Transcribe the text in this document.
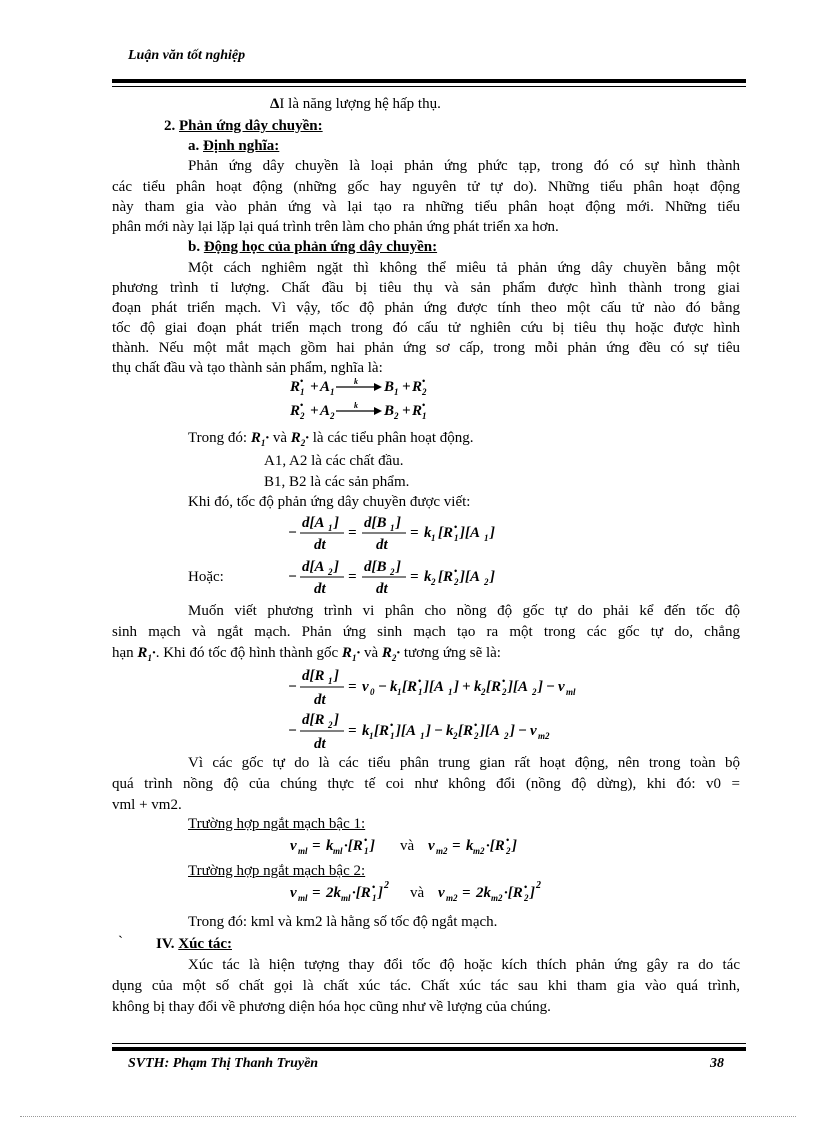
Luận văn tốt nghiệp
ΔI là năng lượng hệ hấp thụ.
2. Phản ứng dây chuyền:
a. Định nghĩa:
Phản ứng dây chuyền là loại phản ứng phức tạp, trong đó có sự hình thành
các tiểu phân hoạt động (những gốc hay nguyên tử tự do). Những tiểu phân hoạt động
này tham gia vào phản ứng và lại tạo ra những tiểu phân hoạt động mới. Những tiểu
phân mới này lại lặp lại quá trình trên làm cho phản ứng phát triển xa hơn.
b. Động học của phản ứng dây chuyền:
Một cách nghiêm ngặt thì không thể miêu tả phản ứng dây chuyền bằng một
phương trình tỉ lượng. Chất đầu bị tiêu thụ và sản phẩm được hình thành trong giai
đoạn phát triển mạch. Vì vậy, tốc độ phản ứng được tính theo một cấu tử nào đó bằng
tốc độ giai đoạn phát triển mạch trong đó cấu tử nghiên cứu bị tiêu thụ hoặc được hình
thành. Nếu một mắt mạch gồm hai phản ứng sơ cấp, trong mỗi phản ứng đều có sự tiêu
thụ chất đầu và tạo thành sản phẩm, nghĩa là:
R 1
• + A 1
k B 1 + R 2
•
R 2
• + A 2
k B 2 + R 1
•
Trong đó: $R_1\cdot$ và $R_2\cdot$ là các tiểu phân hoạt động.
A1, A2 là các chất đầu.
B1, B2 là các sản phẩm.
Khi đó, tốc độ phản ứng dây chuyền được viết:
−
d[A 1 ]
dt
=
d[B 1 ]
dt
= k 1 [R 1
• ][A 1 ]
Hoặc:	−
d[A 2 ]
dt
=
d[B 2 ]
dt
= k 2 [R 2
• ][A 2 ]
Muốn viết phương trình vi phân cho nồng độ gốc tự do phải kể đến tốc độ
sinh mạch và ngắt mạch. Phản ứng sinh mạch tạo ra một trong các gốc tự do, chẳng
hạn $R_1\cdot$. Khi đó tốc độ hình thành gốc $R_1\cdot$ và $R_2\cdot$ tương ứng sẽ là:
−
d[R 1 ]
dt
= v 0 − k 1 [R 1
• ][A 1 ] + k 2 [R 2
• ][A 2 ] − v ml
−
d[R 2 ]
dt
= k 1 [R 1
• ][A 1 ] − k 2 [R 2
• ][A 2 ] − v m2
Vì các gốc tự do là các tiểu phân trung gian rất hoạt động, nên trong toàn bộ
quá trình nồng độ của chúng thực tế coi như không đổi (nồng độ dừng), khi đó: v0 =
vml + vm2.
Trường hợp ngắt mạch bậc 1:
v ml = k ml ·[R 1
• ] và v m2 = k m2 ·[R 2
• ]
Trường hợp ngắt mạch bậc 2:
v ml = 2k ml ·[R 1
• ] 2 và v m2 = 2k m2 ·[R 2
• ] 2
Trong đó: kml và km2 là hằng số tốc độ ngắt mạch.
` IV. Xúc tác:
Xúc tác là hiện tượng thay đổi tốc độ hoặc kích thích phản ứng gây ra do tác
dụng của một số chất gọi là chất xúc tác. Chất xúc tác sau khi tham gia vào quá trình,
không bị thay đổi về phương diện hóa học cũng như về lượng của chúng.
SVTH: Phạm Thị Thanh Truyền	38
